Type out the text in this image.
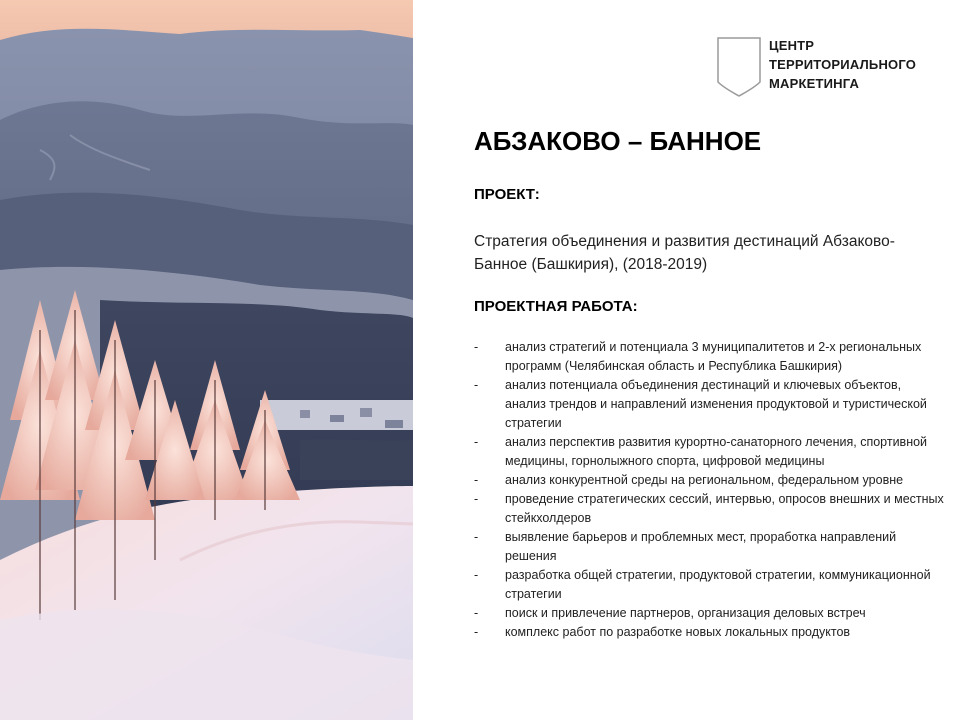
ЦЕНТР
ТЕРРИТОРИАЛЬНОГО
МАРКЕТИНГА
АБЗАКОВО – БАННОЕ
ПРОЕКТ:

Стратегия объединения и развития дестинаций Абзаково-Банное (Башкирия), (2018-2019)

ПРОЕКТНАЯ РАБОТА:
- анализ стратегий и потенциала 3 муниципалитетов и 2-х региональных программ (Челябинская область и Республика Башкирия)
- анализ потенциала объединения дестинаций и ключевых объектов, анализ трендов и направлений изменения продуктовой и туристической стратегии
- анализ перспектив развития курортно-санаторного лечения, спортивной медицины, горнолыжного спорта, цифровой медицины
- анализ конкурентной среды на региональном, федеральном уровне
- проведение стратегических сессий, интервью, опросов внешних и местных стейкхолдеров
- выявление барьеров и проблемных мест, проработка направлений решения
- разработка общей стратегии, продуктовой стратегии, коммуникационной стратегии
- поиск и привлечение партнеров, организация деловых встреч
- комплекс работ по разработке новых локальных продуктов
